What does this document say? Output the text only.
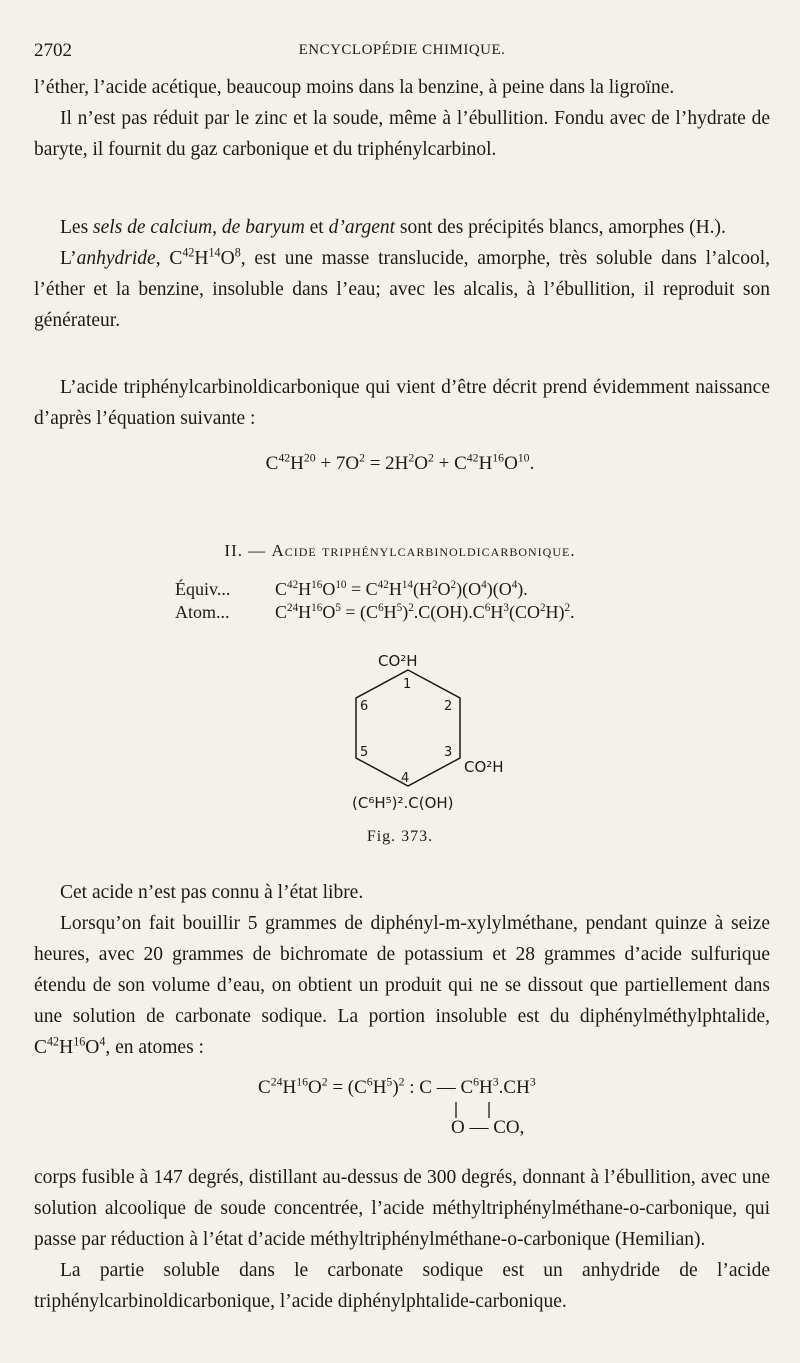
2702	ENCYCLOPÉDIE CHIMIQUE.

l’éther, l’acide acétique, beaucoup moins dans la benzine, à peine dans la ligroïne.

Il n’est pas réduit par le zinc et la soude, même à l’ébullition. Fondu avec de l’hydrate de baryte, il fournit du gaz carbonique et du triphénylcarbinol.

Les sels de calcium, de baryum et d’argent sont des précipités blancs, amorphes (H.).

L’anhydride, $C^{42}H^{14}O^8$, est une masse translucide, amorphe, très soluble dans l’alcool, l’éther et la benzine, insoluble dans l’eau; avec les alcalis, à l’ébullition, il reproduit son générateur.

L’acide triphénylcarbinoldicarbonique qui vient d’être décrit prend évidemment naissance d’après l’équation suivante :

$C^{42}H^{20} + 7O^2 = 2H^2O^2 + C^{42}H^{16}O^{10}$.
II. — Acide triphénylcarbinoldicarbonique.
Équiv... $C^{42}H^{16}O^{10} = C^{42}H^{14}(H^2O^2)(O^4)(O^4)$.
Atom...	$C^{24}H^{16}O^5 = (C^6H^5)^2.C(OH).C^6H^3(CO^2H)^2$.
CO²H
CO²H
(C⁶H⁵)².C(OH)
1
2
3
4
5
6
Fig. 373.

Cet acide n’est pas connu à l’état libre.

Lorsqu’on fait bouillir 5 grammes de diphényl-m-xylylméthane, pendant quinze à seize heures, avec 20 grammes de bichromate de potassium et 28 grammes d’acide sulfurique étendu de son volume d’eau, on obtient un produit qui ne se dissout que partiellement dans une solution de carbonate sodique. La portion insoluble est du diphénylméthylphtalide, $C^{42}H^{16}O^4$, en atomes :

$C^{24}H^{16}O^2 = (C^6H^5)^2$ : C — $C^6H^3.CH^3$
O — CO,

corps fusible à 147 degrés, distillant au-dessus de 300 degrés, donnant à l’ébullition, avec une solution alcoolique de soude concentrée, l’acide méthyltriphénylméthane-o-carbonique, qui passe par réduction à l’état d’acide méthyltriphénylméthane-o-carbonique (Hemilian).

La partie soluble dans le carbonate sodique est un anhydride de l’acide triphénylcarbinoldicarbonique, l’acide diphénylphtalide-carbonique.
